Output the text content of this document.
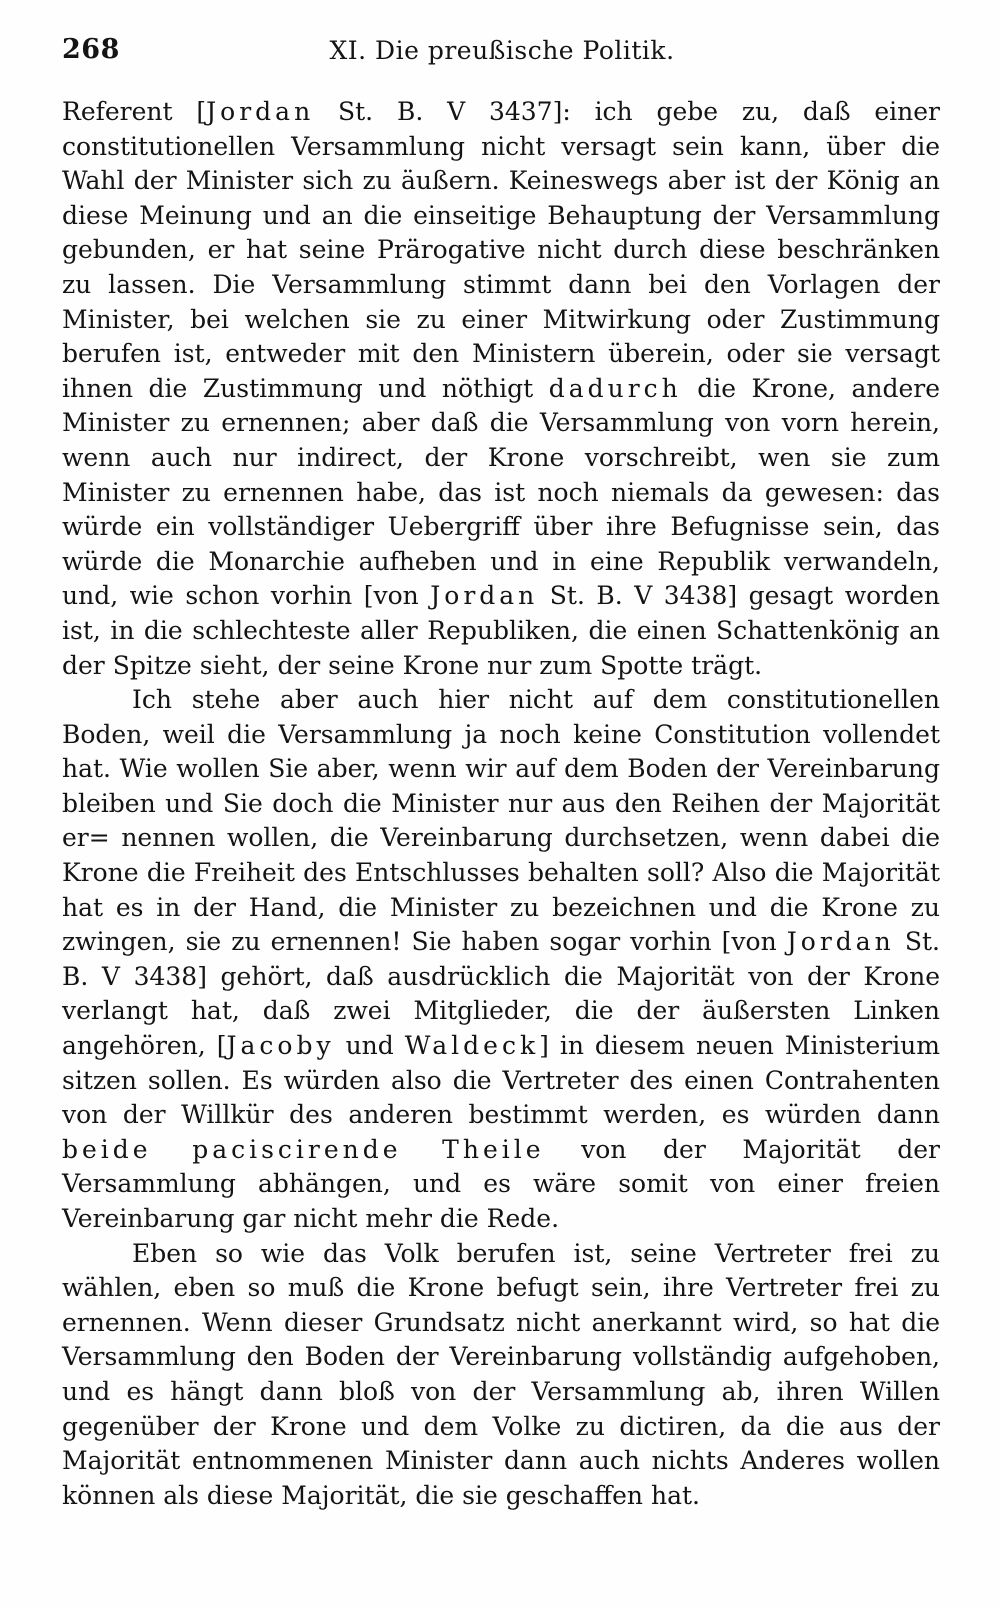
268	XI. Die preußische Politik.

Referent [Jordan St. B. V 3437]: ich gebe zu, daß einer constitutionellen Versammlung nicht versagt sein kann, über die Wahl der Minister sich zu äußern. Keineswegs aber ist der König an diese Meinung und an die einseitige Behauptung der Versammlung gebunden, er hat seine Prärogative nicht durch diese beschränken zu lassen. Die Versammlung stimmt dann bei den Vorlagen der Minister, bei welchen sie zu einer Mitwirkung oder Zustimmung berufen ist, entweder mit den Ministern überein, oder sie versagt ihnen die Zustimmung und nöthigt dadurch die Krone, andere Minister zu ernennen; aber daß die Versammlung von vorn herein, wenn auch nur indirect, der Krone vorschreibt, wen sie zum Minister zu ernennen habe, das ist noch niemals da gewesen: das würde ein vollständiger Uebergriff über ihre Befugnisse sein, das würde die Monarchie aufheben und in eine Republik verwandeln, und, wie schon vorhin [von Jordan St. B. V 3438] gesagt worden ist, in die schlechteste aller Republiken, die einen Schattenkönig an der Spitze sieht, der seine Krone nur zum Spotte trägt.

Ich stehe aber auch hier nicht auf dem constitutionellen Boden, weil die Versammlung ja noch keine Constitution vollendet hat. Wie wollen Sie aber, wenn wir auf dem Boden der Vereinbarung bleiben und Sie doch die Minister nur aus den Reihen der Majorität er= nennen wollen, die Vereinbarung durchsetzen, wenn dabei die Krone die Freiheit des Entschlusses behalten soll? Also die Majorität hat es in der Hand, die Minister zu bezeichnen und die Krone zu zwingen, sie zu ernennen! Sie haben sogar vorhin [von Jordan St. B. V 3438] gehört, daß ausdrücklich die Majorität von der Krone verlangt hat, daß zwei Mitglieder, die der äußersten Linken angehören, [Jacoby und Waldeck] in diesem neuen Ministerium sitzen sollen. Es würden also die Vertreter des einen Contrahenten von der Willkür des anderen bestimmt werden, es würden dann beide paciscirende Theile von der Majorität der Versammlung abhängen, und es wäre somit von einer freien Vereinbarung gar nicht mehr die Rede.

Eben so wie das Volk berufen ist, seine Vertreter frei zu wählen, eben so muß die Krone befugt sein, ihre Vertreter frei zu ernennen. Wenn dieser Grundsatz nicht anerkannt wird, so hat die Versammlung den Boden der Vereinbarung vollständig aufgehoben, und es hängt dann bloß von der Versammlung ab, ihren Willen gegenüber der Krone und dem Volke zu dictiren, da die aus der Majorität entnommenen Minister dann auch nichts Anderes wollen können als diese Majorität, die sie geschaffen hat.
